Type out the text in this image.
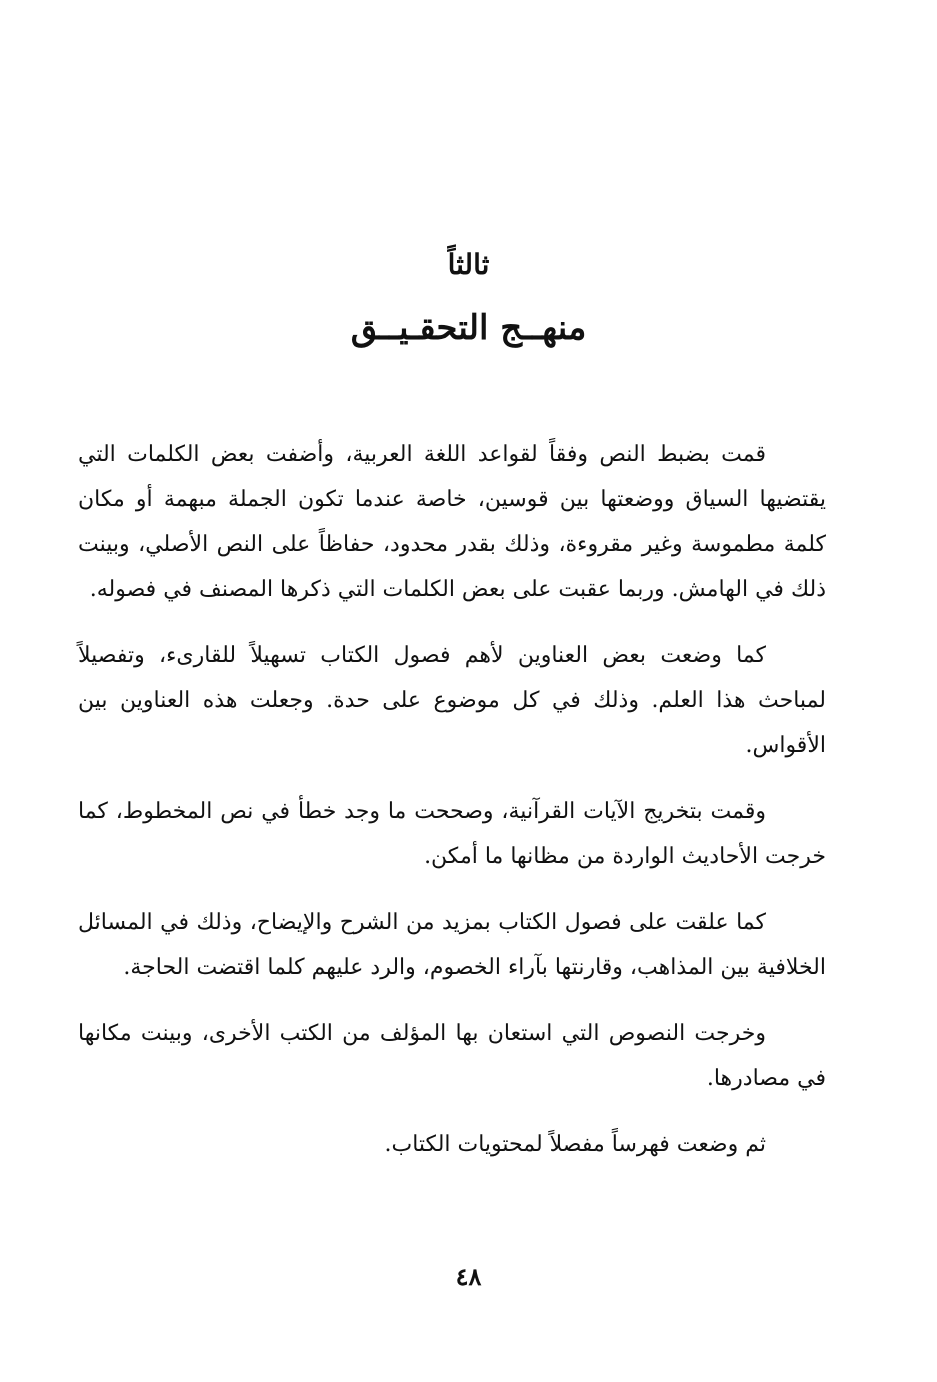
ثالثاً
منهــج التحقـيــق

قمت بضبط النص وفقاً لقواعد اللغة العربية، وأضفت بعض الكلمات التي يقتضيها السياق ووضعتها بين قوسين، خاصة عندما تكون الجملة مبهمة أو مكان كلمة مطموسة وغير مقروءة، وذلك بقدر محدود، حفاظاً على النص الأصلي، وبينت ذلك في الهامش. وربما عقبت على بعض الكلمات التي ذكرها المصنف في فصوله.

كما وضعت بعض العناوين لأهم فصول الكتاب تسهيلاً للقارىء، وتفصيلاً لمباحث هذا العلم. وذلك في كل موضوع على حدة. وجعلت هذه العناوين بين الأقواس.

وقمت بتخريج الآيات القرآنية، وصححت ما وجد خطأ في نص المخطوط، كما خرجت الأحاديث الواردة من مظانها ما أمكن.

كما علقت على فصول الكتاب بمزيد من الشرح والإيضاح، وذلك في المسائل الخلافية بين المذاهب، وقارنتها بآراء الخصوم، والرد عليهم كلما اقتضت الحاجة.

وخرجت النصوص التي استعان بها المؤلف من الكتب الأخرى، وبينت مكانها في مصادرها.

ثم وضعت فهرساً مفصلاً لمحتويات الكتاب.

٤٨
